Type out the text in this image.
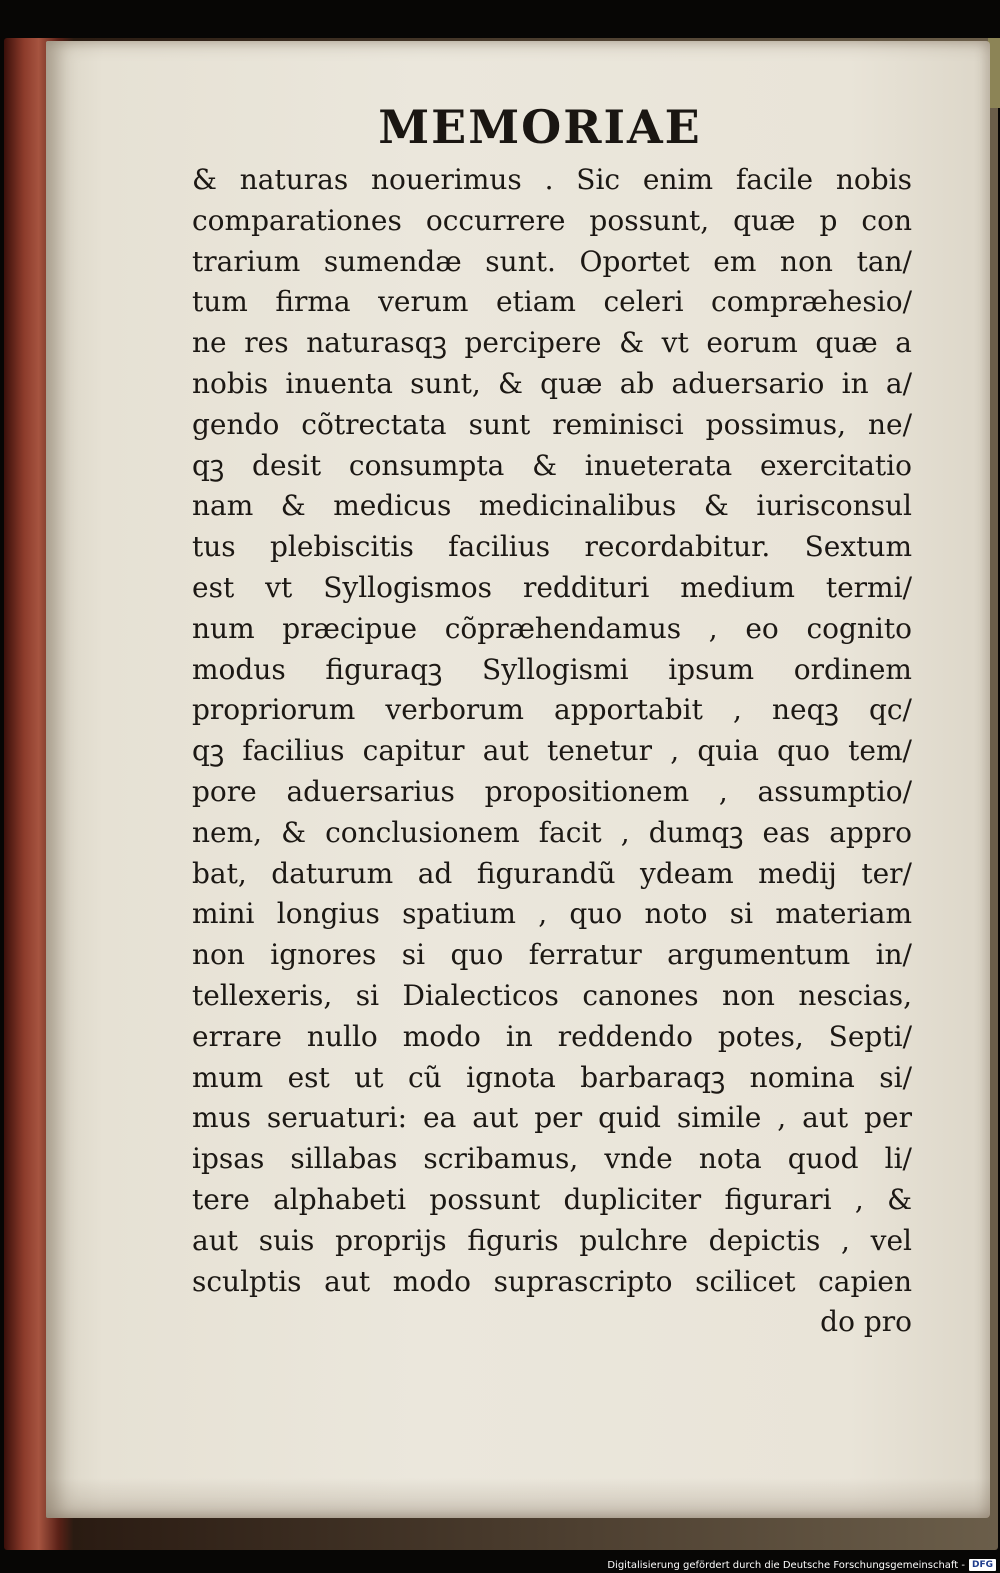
MEMORIAE
& naturas nouerimus . Sic enim facile nobis
comparationes occurrere possunt, quæ p con
trarium sumendæ sunt. Oportet em non tan/
tum firma verum etiam celeri compræhesio/
ne res naturasqꝫ percipere & vt eorum quæ a
nobis inuenta sunt, & quæ ab aduersario in a/
gendo cõtrectata sunt reminisci possimus, ne/
qꝫ desit consumpta & inueterata exercitatio
nam & medicus medicinalibus & iurisconsul
tus plebiscitis facilius recordabitur. Sextum
est vt Syllogismos reddituri medium termi/
num præcipue cõpræhendamus , eo cognito
modus figuraqꝫ Syllogismi ipsum ordinem
propriorum verborum apportabit , neqꝫ qc/
qꝫ facilius capitur aut tenetur , quia quo tem/
pore aduersarius propositionem , assumptio/
nem, & conclusionem facit , dumqꝫ eas appro
bat, daturum ad figurandũ ydeam medij ter/
mini longius spatium , quo noto si materiam
non ignores si quo ferratur argumentum in/
tellexeris, si Dialecticos canones non nescias,
errare nullo modo in reddendo potes, Septi/
mum est ut cũ ignota barbaraqꝫ nomina si/
mus seruaturi: ea aut per quid simile , aut per
ipsas sillabas scribamus, vnde nota quod li/
tere alphabeti possunt dupliciter figurari , &
aut suis proprijs figuris pulchre depictis , vel
sculptis aut modo suprascripto scilicet capien
do pro
Digitalisierung gefördert durch die Deutsche Forschungsgemeinschaft - DFG
